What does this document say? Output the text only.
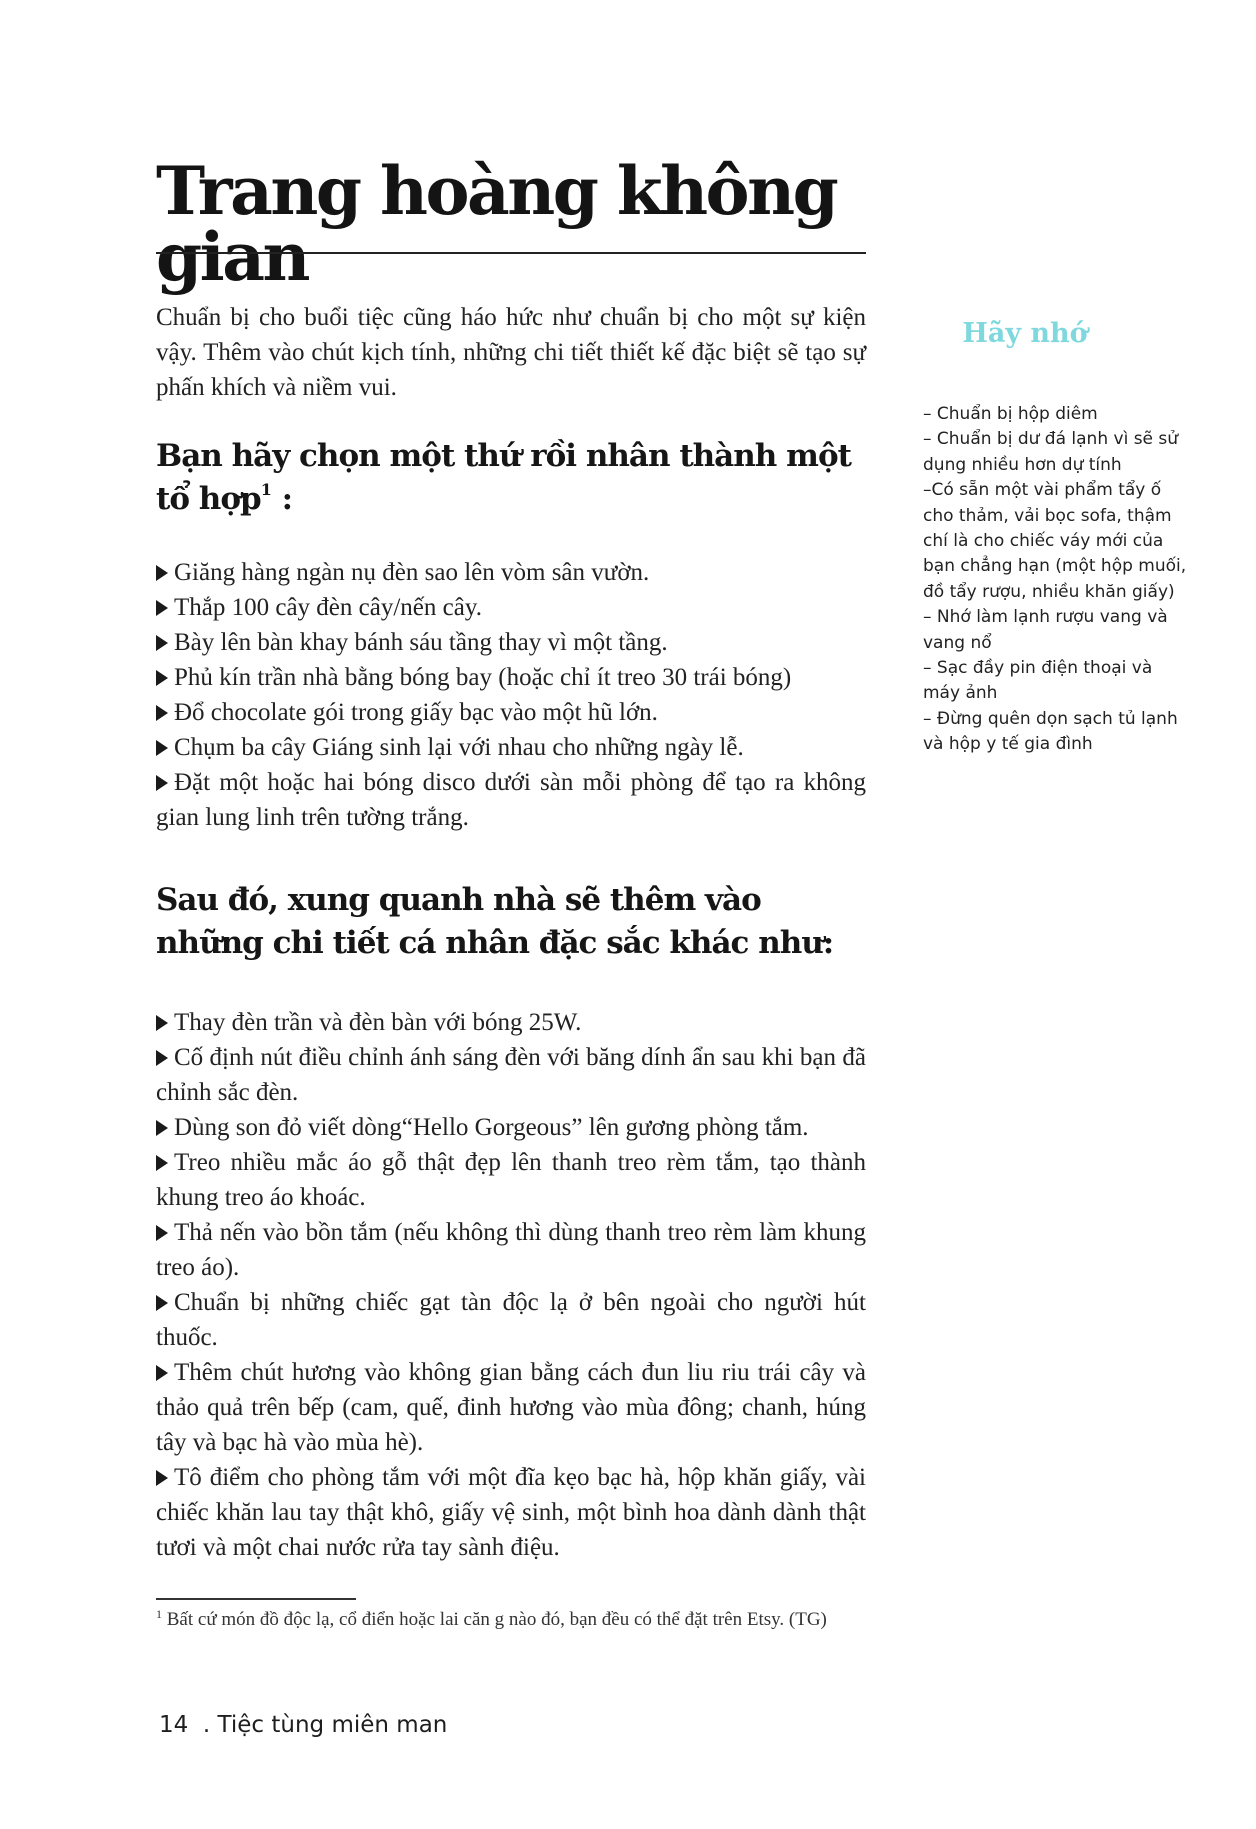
Trang hoàng không gian

Chuẩn bị cho buổi tiệc cũng háo hức như chuẩn bị cho một sự kiện vậy. Thêm vào chút kịch tính, những chi tiết thiết kế đặc biệt sẽ tạo sự phấn khích và niềm vui.

Bạn hãy chọn một thứ rồi nhân thành một tổ hợp$^1$ :
Giăng hàng ngàn nụ đèn sao lên vòm sân vườn.
Thắp 100 cây đèn cây/nến cây.
Bày lên bàn khay bánh sáu tầng thay vì một tầng.
Phủ kín trần nhà bằng bóng bay (hoặc chỉ ít treo 30 trái bóng)
Đổ chocolate gói trong giấy bạc vào một hũ lớn.
Chụm ba cây Giáng sinh lại với nhau cho những ngày lễ.
Đặt một hoặc hai bóng disco dưới sàn mỗi phòng để tạo ra không gian lung linh trên tường trắng.
Sau đó, xung quanh nhà sẽ thêm vào những chi tiết cá nhân đặc sắc khác như:
Thay đèn trần và đèn bàn với bóng 25W.
Cố định nút điều chỉnh ánh sáng đèn với băng dính ẩn sau khi bạn đã chỉnh sắc đèn.
Dùng son đỏ viết dòng“Hello Gorgeous” lên gương phòng tắm.
Treo nhiều mắc áo gỗ thật đẹp lên thanh treo rèm tắm, tạo thành khung treo áo khoác.
Thả nến vào bồn tắm (nếu không thì dùng thanh treo rèm làm khung treo áo).
Chuẩn bị những chiếc gạt tàn độc lạ ở bên ngoài cho người hút thuốc.
Thêm chút hương vào không gian bằng cách đun liu riu trái cây và thảo quả trên bếp (cam, quế, đinh hương vào mùa đông; chanh, húng tây và bạc hà vào mùa hè).
Tô điểm cho phòng tắm với một đĩa kẹo bạc hà, hộp khăn giấy, vài chiếc khăn lau tay thật khô, giấy vệ sinh, một bình hoa dành dành thật tươi và một chai nước rửa tay sành điệu.

$^1$ Bất cứ món đồ độc lạ, cổ điển hoặc lai căn g nào đó, bạn đều có thể đặt trên Etsy. (TG)

14 . Tiệc tùng miên man
Hãy nhớ
– Chuẩn bị hộp diêm
– Chuẩn bị dư đá lạnh vì sẽ sử dụng nhiều hơn dự tính
–Có sẵn một vài phẩm tẩy ố cho thảm, vải bọc sofa, thậm chí là cho chiếc váy mới của bạn chẳng hạn (một hộp muối, đồ tẩy rượu, nhiều khăn giấy)
– Nhớ làm lạnh rượu vang và vang nổ
– Sạc đầy pin điện thoại và máy ảnh
– Đừng quên dọn sạch tủ lạnh và hộp y tế gia đình
